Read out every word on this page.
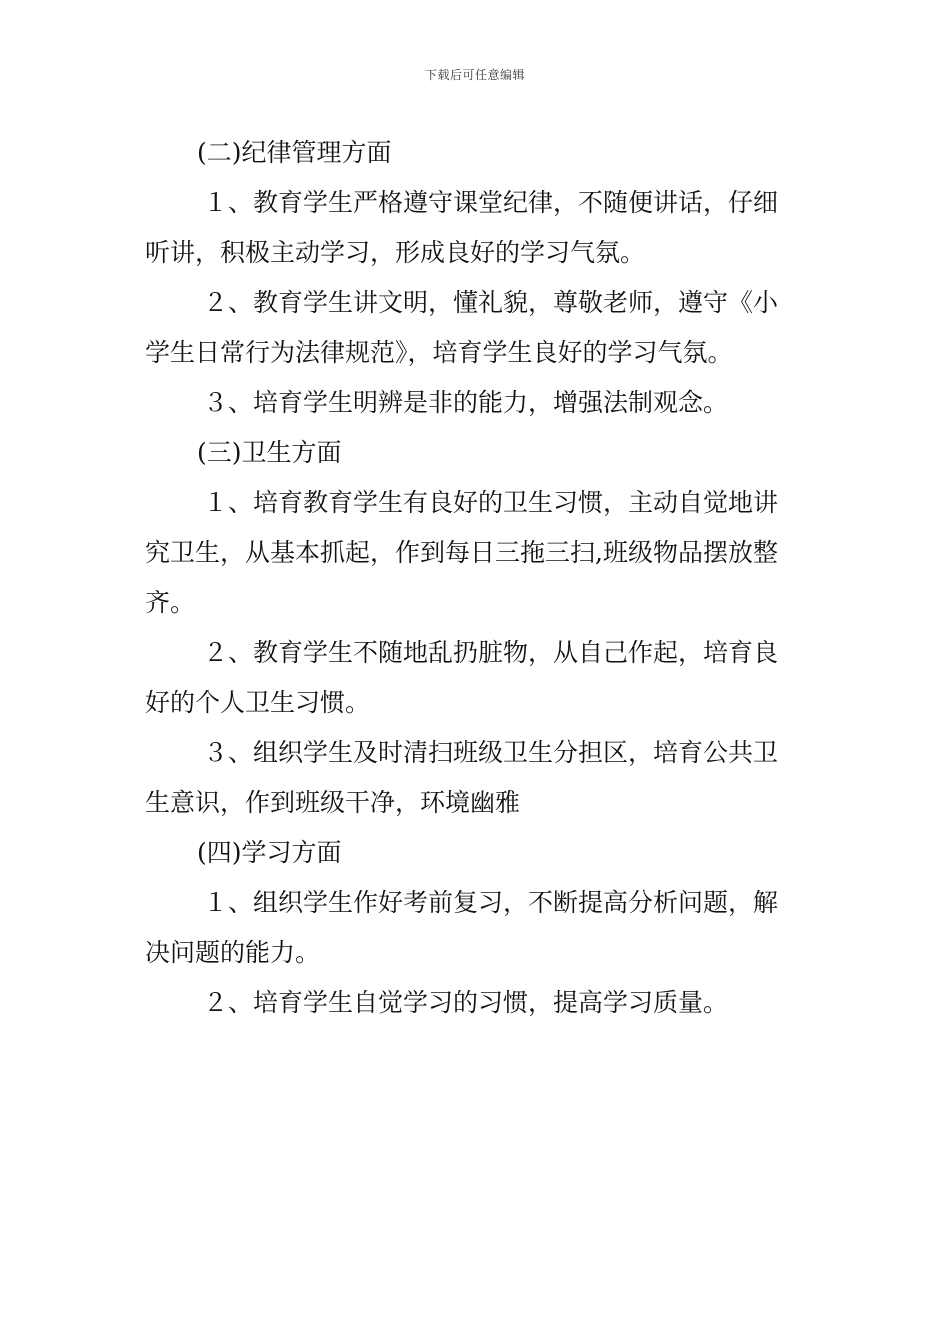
下载后可任意编辑
(二)纪律管理方面
１、教育学生严格遵守课堂纪律，不随便讲话，仔细
听讲，积极主动学习，形成良好的学习气氛。
２、教育学生讲文明，懂礼貌，尊敬老师，遵守《小
学生日常行为法律规范》，培育学生良好的学习气氛。
３、培育学生明辨是非的能力，增强法制观念。
(三)卫生方面
１、培育教育学生有良好的卫生习惯，主动自觉地讲
究卫生，从基本抓起，作到每日三拖三扫,班级物品摆放整
齐。
２、教育学生不随地乱扔脏物，从自己作起，培育良
好的个人卫生习惯。
３、组织学生及时清扫班级卫生分担区，培育公共卫
生意识，作到班级干净，环境幽雅
(四)学习方面
１、组织学生作好考前复习，不断提高分析问题，解
决问题的能力。
２、培育学生自觉学习的习惯，提高学习质量。
